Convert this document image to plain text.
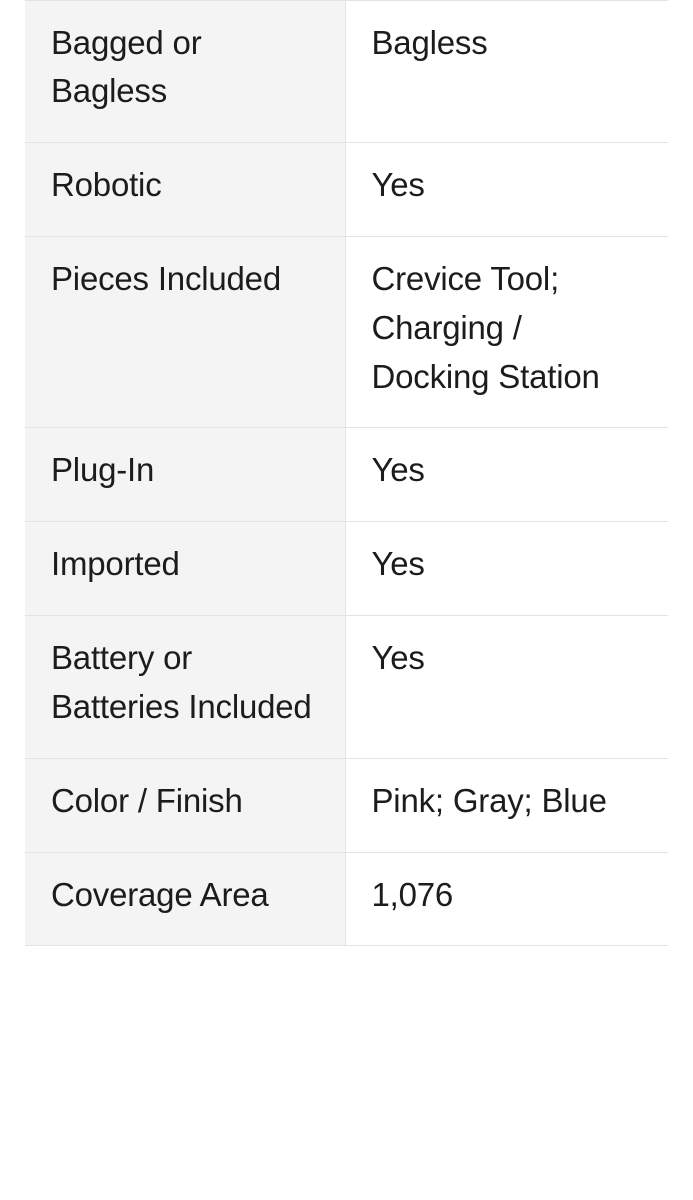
Bagged or Bagless	Bagless
Robotic	Yes
Pieces Included	Crevice Tool; Charging / Docking Station
Plug-In	Yes
Imported	Yes
Battery or Batteries Included	Yes
Color / Finish	Pink; Gray; Blue
Coverage Area	1,076
